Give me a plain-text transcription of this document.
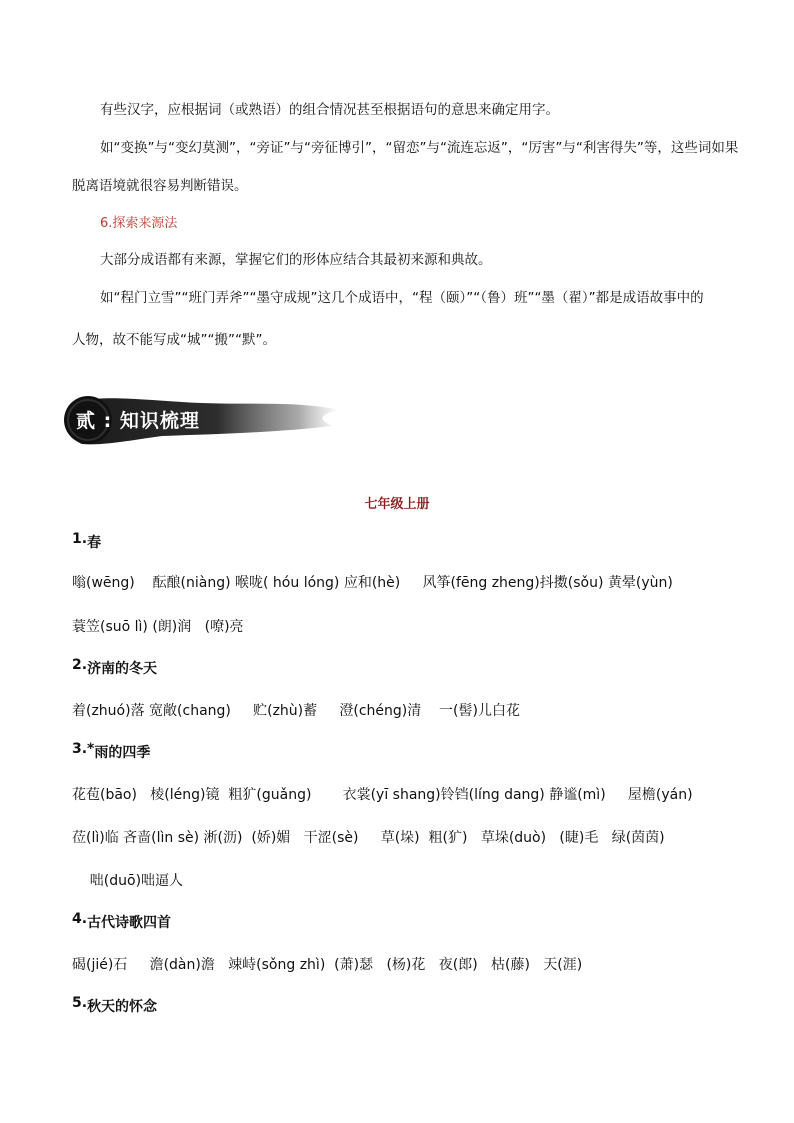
有些汉字，应根据词（或熟语）的组合情况甚至根据语句的意思来确定用字。
如“变换”与“变幻莫测”，“旁证”与“旁征博引”，“留恋”与“流连忘返”，“厉害”与“利害得失”等，这些词如果
脱离语境就很容易判断错误。
6.探索来源法
大部分成语都有来源，掌握它们的形体应结合其最初来源和典故。
如“程门立雪”“班门弄斧”“墨守成规”这几个成语中，“程（颐）”“（鲁）班”“墨（翟）”都是成语故事中的
人物，故不能写成“城”“搬”“默”。
贰 : 知识梳理
七年级上册
1.春
嗡(wēng)    酝酿(niàng) 喉咙( hóu lóng) 应和(hè)     风筝(fēng zheng)抖擞(sǒu) 黄晕(yùn)
蓑笠(suō lì) (朗)润   (嘹)亮
2.济南的冬天
着(zhuó)落 宽敞(chang)     贮(zhù)蓄     澄(chéng)清    一(髻)儿白花
3.*雨的四季
花苞(bāo)   棱(léng)镜  粗犷(guǎng)       衣裳(yī shang)铃铛(líng dang) 静谧(mì)     屋檐(yán)
莅(lì)临 吝啬(lìn sè) 淅(沥)  (娇)媚   干涩(sè)     草(垛)  粗(犷)   草垛(duò)   (睫)毛   绿(茵茵)
咄(duō)咄逼人
4.古代诗歌四首
碣(jié)石     澹(dàn)澹   竦峙(sǒng zhì)  (萧)瑟   (杨)花   夜(郎)   枯(藤)   天(涯)
5.秋天的怀念
